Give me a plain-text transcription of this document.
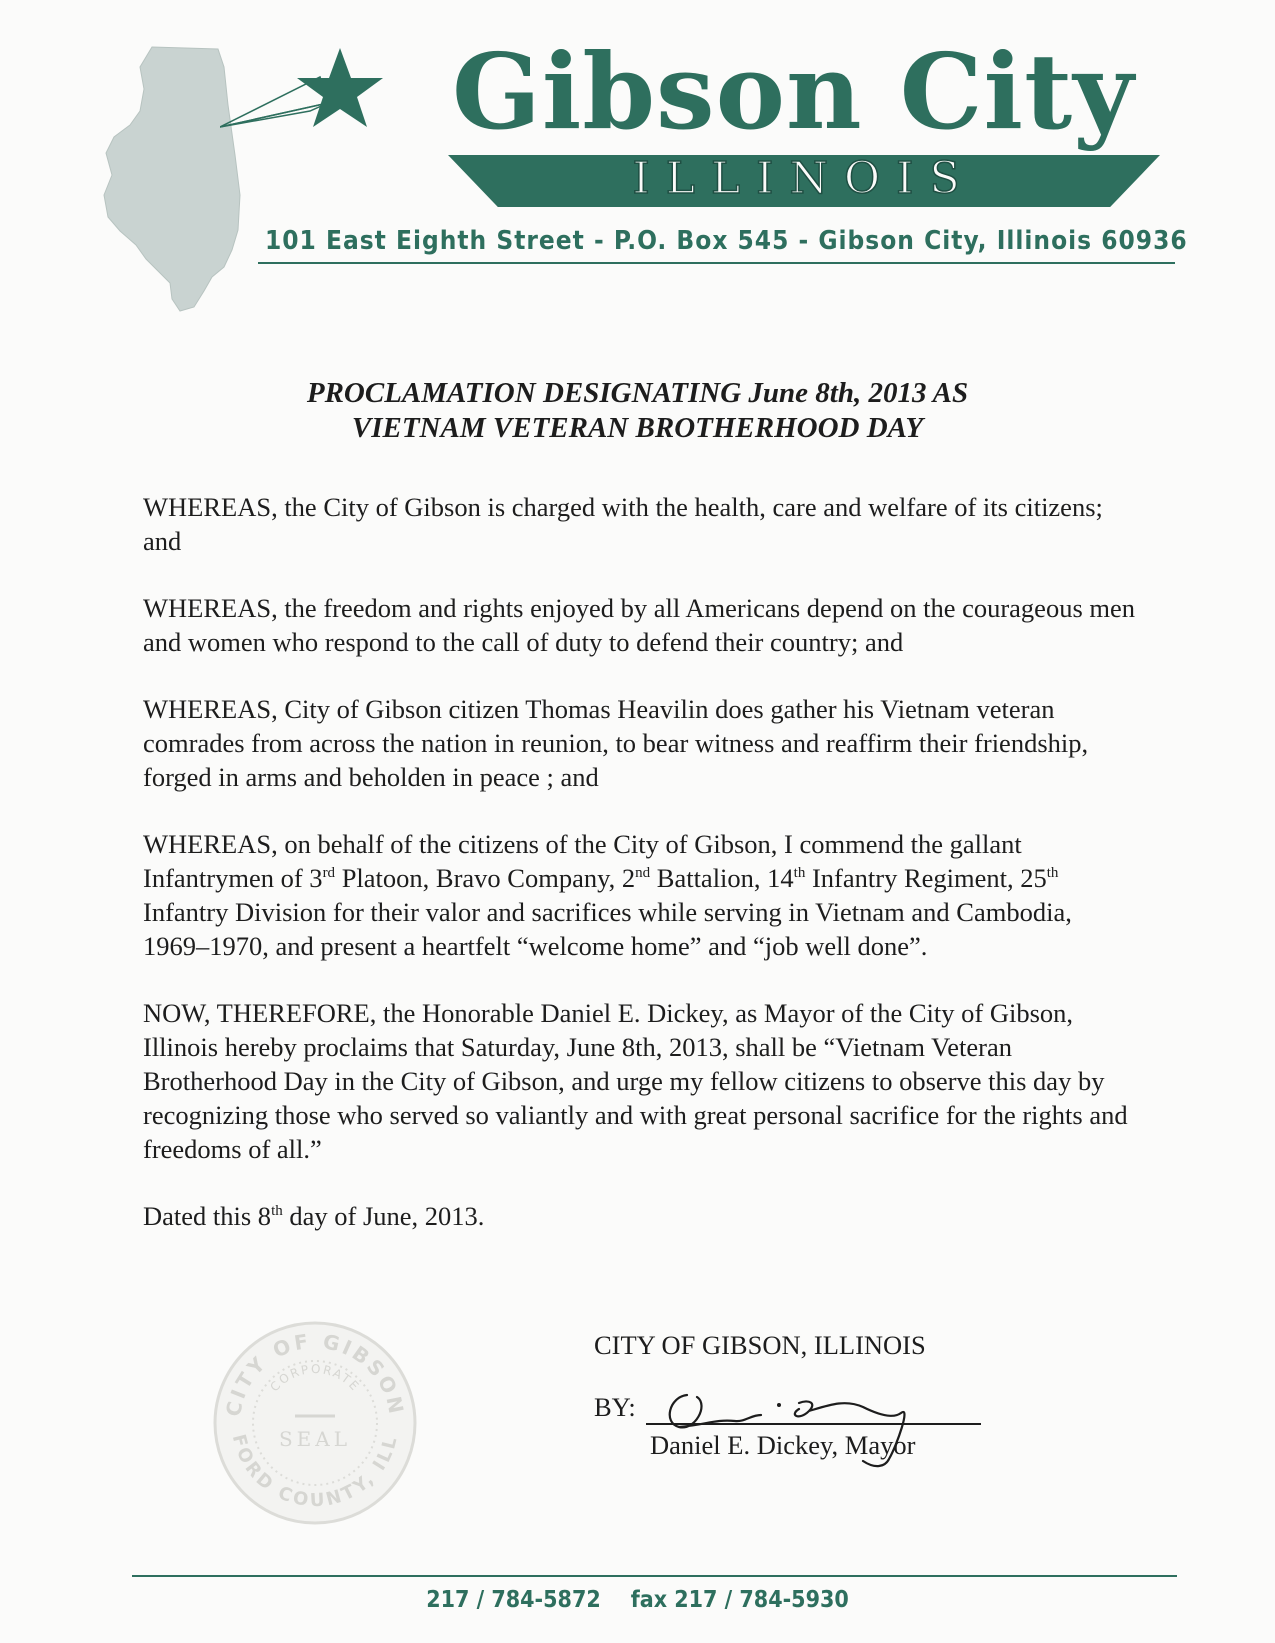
Gibson City
ILLINOIS
101 East Eighth Street - P.O. Box 545 - Gibson City, Illinois 60936
PROCLAMATION DESIGNATING June 8th, 2013 AS
VIETNAM VETERAN BROTHERHOOD DAY

WHEREAS, the City of Gibson is charged with the health, care and welfare of its citizens; and

WHEREAS, the freedom and rights enjoyed by all Americans depend on the courageous men and women who respond to the call of duty to defend their country; and

WHEREAS, City of Gibson citizen Thomas Heavilin does gather his Vietnam veteran comrades from across the nation in reunion, to bear witness and reaffirm their friendship, forged in arms and beholden in peace ; and

WHEREAS, on behalf of the citizens of the City of Gibson, I commend the gallant Infantrymen of 3rd Platoon, Bravo Company, 2nd Battalion, 14th Infantry Regiment, 25th Infantry Division for their valor and sacrifices while serving in Vietnam and Cambodia, 1969–1970, and present a heartfelt “welcome home” and “job well done”.

NOW, THEREFORE, the Honorable Daniel E. Dickey, as Mayor of the City of Gibson, Illinois hereby proclaims that Saturday, June 8th, 2013, shall be “Vietnam Veteran Brotherhood Day in the City of Gibson, and urge my fellow citizens to observe this day by recognizing those who served so valiantly and with great personal sacrifice for the rights and freedoms of all.”

Dated this 8th day of June, 2013.

CITY OF GIBSON
FORD COUNTY, ILL
CORPORATE
SEAL
CITY OF GIBSON, ILLINOIS
BY:
Daniel E. Dickey, Mayor
217 / 784-5872 fax 217 / 784-5930
